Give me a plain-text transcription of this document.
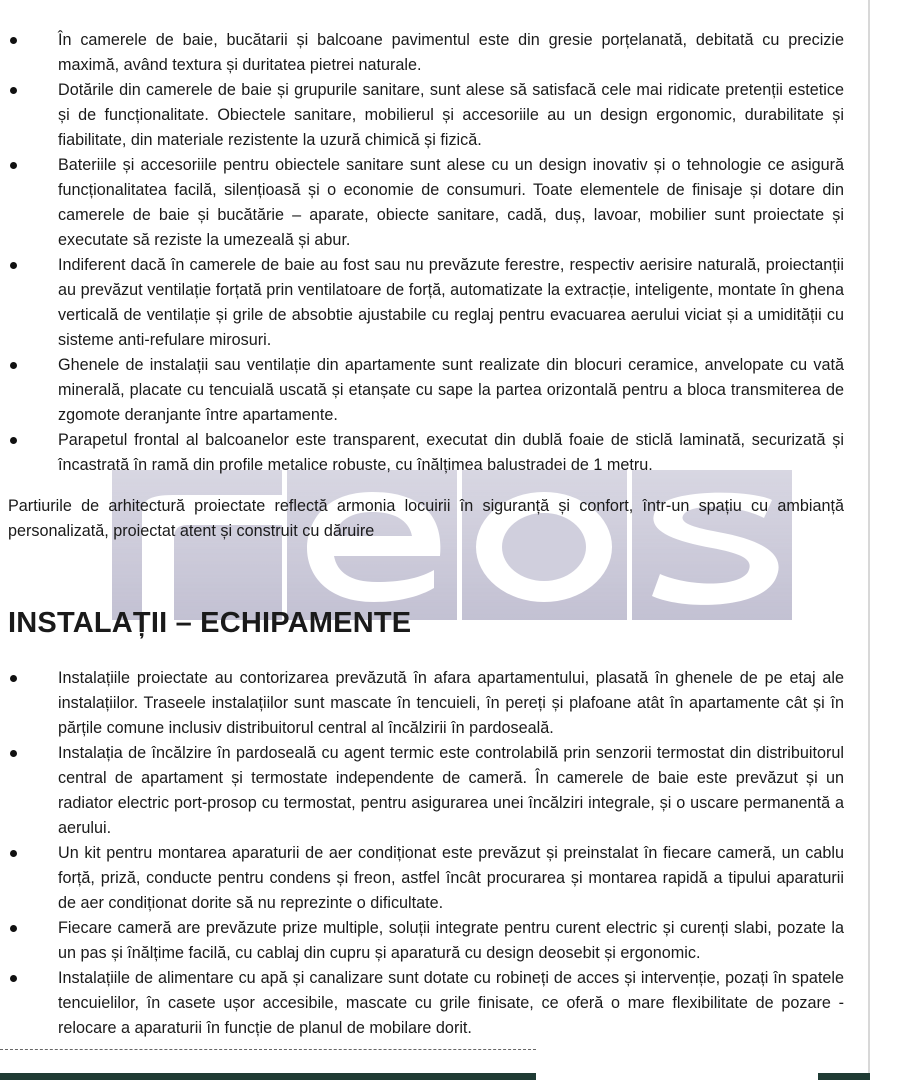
În camerele de baie, bucătarii și balcoane pavimentul este din gresie porțelanată, debitată cu precizie maximă, având textura și duritatea pietrei naturale.
Dotările din camerele de baie și grupurile sanitare, sunt alese să satisfacă cele mai ridicate pretenții estetice și de funcționalitate. Obiectele sanitare, mobilierul și accesoriile au un design ergonomic, durabilitate și fiabilitate, din materiale rezistente la uzură chimică și fizică.
Bateriile și accesoriile pentru obiectele sanitare sunt alese cu un design inovativ și o tehnologie ce asigură funcționalitatea facilă, silențioasă și o economie de consumuri. Toate elementele de finisaje și dotare din camerele de baie și bucătărie – aparate, obiecte sanitare, cadă, duș, lavoar, mobilier sunt proiectate și executate să reziste la umezeală și abur.
Indiferent dacă în camerele de baie au fost sau nu prevăzute ferestre, respectiv aerisire naturală, proiectanții au prevăzut ventilație forțată prin ventilatoare de forță, automatizate la extracție, inteligente, montate în ghena verticală de ventilație și grile de absobtie ajustabile cu reglaj pentru evacuarea aerului viciat și a umidității cu sisteme anti-refulare mirosuri.
Ghenele de instalații sau ventilație din apartamente sunt realizate din blocuri ceramice, anvelopate cu vată minerală, placate cu tencuială uscată și etanșate cu sape la partea orizontală pentru a bloca transmiterea de zgomote deranjante între apartamente.
Parapetul frontal al balcoanelor este transparent, executat din dublă foaie de sticlă laminată, securizată și încastrată în ramă din profile metalice robuste, cu înălțimea balustradei de 1 metru.

Partiurile de arhitectură proiectate reflectă armonia locuirii în siguranță și confort, într-un spațiu cu ambianță personalizată, proiectat atent și construit cu dăruire

INSTALAȚII – ECHIPAMENTE
Instalațiile proiectate au contorizarea prevăzută în afara apartamentului, plasată în ghenele de pe etaj ale instalațiilor. Traseele instalațiilor sunt mascate în tencuieli, în pereți și plafoane atât în apartamente cât și în părțile comune inclusiv distribuitorul central al încălzirii în pardoseală.
Instalația de încălzire în pardoseală cu agent termic este controlabilă prin senzorii termostat din distribuitorul central de apartament și termostate independente de cameră. În camerele de baie este prevăzut și un radiator electric port-prosop cu termostat, pentru asigurarea unei încălziri integrale, și o uscare permanentă a aerului.
Un kit pentru montarea aparaturii de aer condiționat este prevăzut și preinstalat în fiecare cameră, un cablu forță, priză, conducte pentru condens și freon, astfel încât procurarea și montarea rapidă a tipului aparaturii de aer condiționat dorite să nu reprezinte o dificultate.
Fiecare cameră are prevăzute prize multiple, soluții integrate pentru curent electric și curenți slabi, pozate la un pas și înălțime facilă, cu cablaj din cupru și aparatură cu design deosebit și ergonomic.
Instalațiile de alimentare cu apă și canalizare sunt dotate cu robineți de acces și intervenție, pozați în spatele tencuielilor, în casete ușor accesibile, mascate cu grile finisate, ce oferă o mare flexibilitate de pozare - relocare a aparaturii în funcție de planul de mobilare dorit.
